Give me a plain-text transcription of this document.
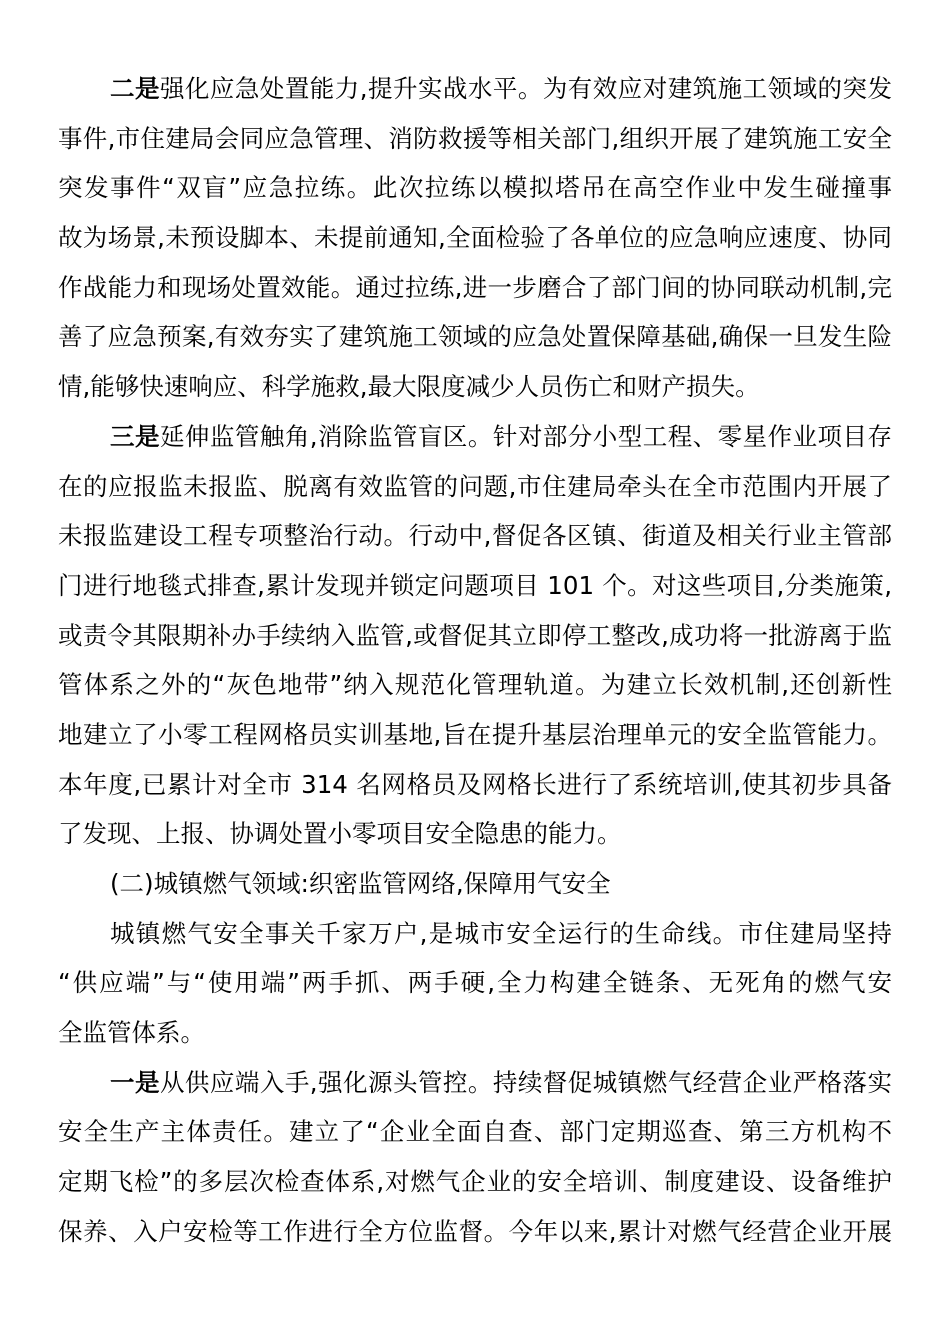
二是强化应急处置能力,提升实战水平。为有效应对建筑施工领域的突发
事件,市住建局会同应急管理、消防救援等相关部门,组织开展了建筑施工安全
突发事件“双盲”应急拉练。此次拉练以模拟塔吊在高空作业中发生碰撞事
故为场景,未预设脚本、未提前通知,全面检验了各单位的应急响应速度、协同
作战能力和现场处置效能。通过拉练,进一步磨合了部门间的协同联动机制,完
善了应急预案,有效夯实了建筑施工领域的应急处置保障基础,确保一旦发生险
情,能够快速响应、科学施救,最大限度减少人员伤亡和财产损失。
三是延伸监管触角,消除监管盲区。针对部分小型工程、零星作业项目存
在的应报监未报监、脱离有效监管的问题,市住建局牵头在全市范围内开展了
未报监建设工程专项整治行动。行动中,督促各区镇、街道及相关行业主管部
门进行地毯式排查,累计发现并锁定问题项目 101 个。对这些项目,分类施策,
或责令其限期补办手续纳入监管,或督促其立即停工整改,成功将一批游离于监
管体系之外的“灰色地带”纳入规范化管理轨道。为建立长效机制,还创新性
地建立了小零工程网格员实训基地,旨在提升基层治理单元的安全监管能力。
本年度,已累计对全市 314 名网格员及网格长进行了系统培训,使其初步具备
了发现、上报、协调处置小零项目安全隐患的能力。
(二)城镇燃气领域:织密监管网络,保障用气安全
城镇燃气安全事关千家万户,是城市安全运行的生命线。市住建局坚持
“供应端”与“使用端”两手抓、两手硬,全力构建全链条、无死角的燃气安
全监管体系。
一是从供应端入手,强化源头管控。持续督促城镇燃气经营企业严格落实
安全生产主体责任。建立了“企业全面自查、部门定期巡查、第三方机构不
定期飞检”的多层次检查体系,对燃气企业的安全培训、制度建设、设备维护
保养、入户安检等工作进行全方位监督。今年以来,累计对燃气经营企业开展
